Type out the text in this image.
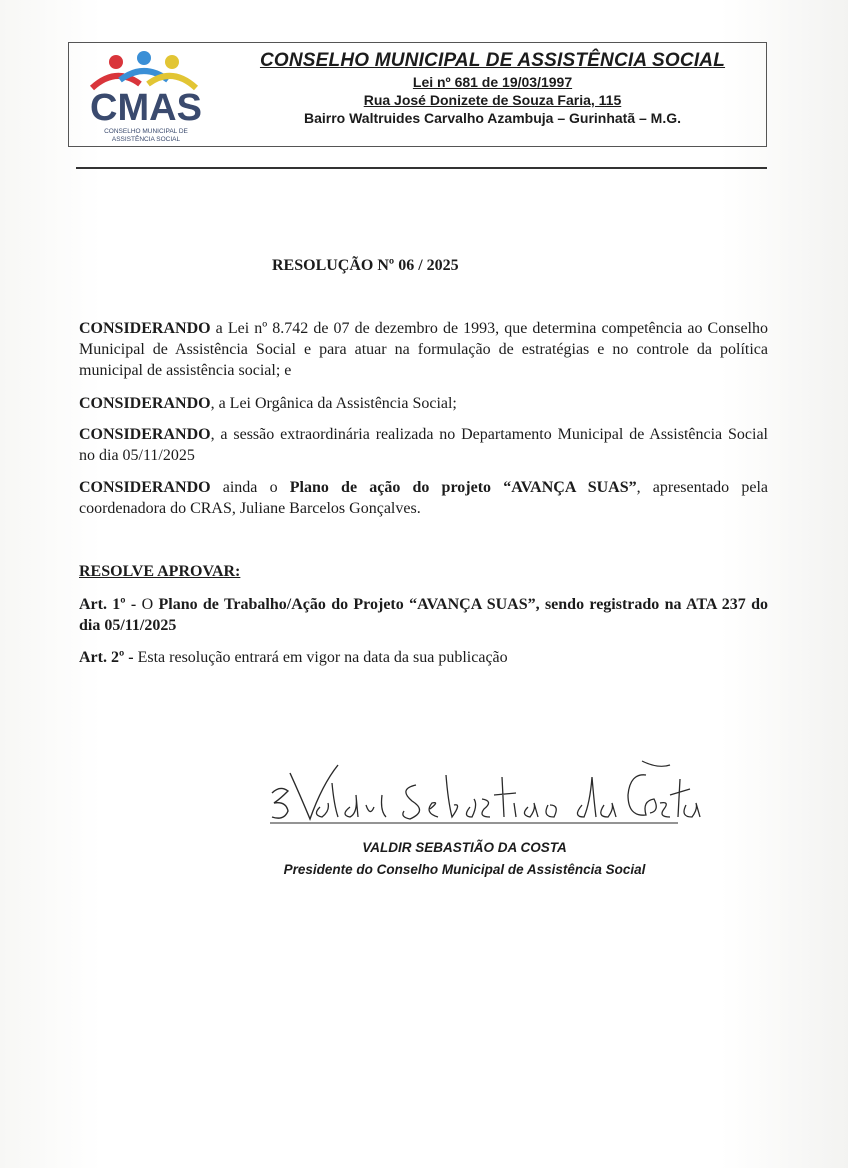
CMAS
CONSELHO MUNICIPAL DE
ASSISTÊNCIA SOCIAL

CONSELHO MUNICIPAL DE ASSISTÊNCIA SOCIAL

Lei nº 681 de 19/03/1997

Rua José Donizete de Souza Faria, 115

Bairro Waltruides Carvalho Azambuja – Gurinhatã – M.G.

RESOLUÇÃO Nº 06 / 2025

CONSIDERANDO a Lei nº 8.742 de 07 de dezembro de 1993, que determina competência ao Conselho Municipal de Assistência Social e para atuar na formulação de estratégias e no controle da política municipal de assistência social; e

CONSIDERANDO, a Lei Orgânica da Assistência Social;

CONSIDERANDO, a sessão extraordinária realizada no Departamento Municipal de Assistência Social no dia 05/11/2025

CONSIDERANDO ainda o Plano de ação do projeto “AVANÇA SUAS”, apresentado pela coordenadora do CRAS, Juliane Barcelos Gonçalves.

RESOLVE APROVAR:

Art. 1º - O Plano de Trabalho/Ação do Projeto “AVANÇA SUAS”, sendo registrado na ATA 237 do dia 05/11/2025

Art. 2º - Esta resolução entrará em vigor na data da sua publicação

VALDIR SEBASTIÃO DA COSTA
Presidente do Conselho Municipal de Assistência Social
